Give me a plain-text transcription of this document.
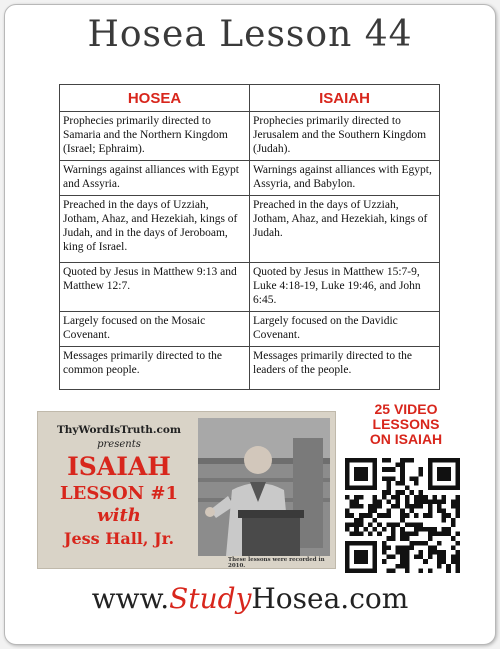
Hosea Lesson 44
HOSEA	ISAIAH
Prophecies primarily directed to Samaria and the Northern Kingdom (Israel; Ephraim).	Prophecies primarily directed to Jerusalem and the Southern Kingdom (Judah).
Warnings against alliances with Egypt and Assyria.	Warnings against alliances with Egypt, Assyria, and Babylon.
Preached in the days of Uzziah, Jotham, Ahaz, and Hezekiah, kings of Judah, and in the days of Jeroboam, king of Israel.	Preached in the days of Uzziah, Jotham, Ahaz, and Hezekiah, kings of Judah.
Quoted by Jesus in Matthew 9:13 and Matthew 12:7.	Quoted by Jesus in Matthew 15:7-9, Luke 4:18-19, Luke 19:46, and John 6:45.
Largely focused on the Mosaic Covenant.	Largely focused on the Davidic Covenant.
Messages primarily directed to the common people.	Messages primarily directed to the leaders of the people.
ThyWordIsTruth.com
presents
ISAIAH
LESSON #1
with
Jess Hall, Jr.
These lessons were recorded in 2010.
25 VIDEO
LESSONS
ON ISAIAH
www.StudyHosea.com
